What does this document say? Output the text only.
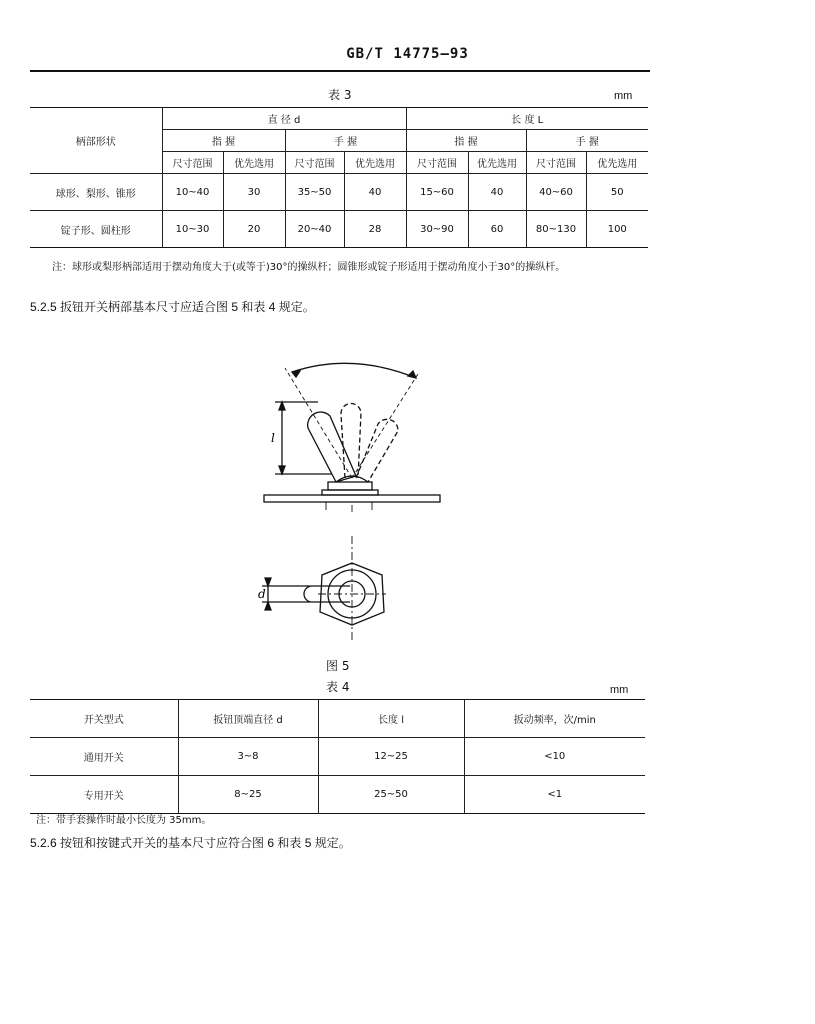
GB/T 14775—93
表 3	mm
柄部形状	直 径 d				长 度 L			
	指 握		手 握		指 握		手 握	
	尺寸范围	优先选用	尺寸范围	优先选用	尺寸范围	优先选用	尺寸范围	优先选用
球形、梨形、锥形	10~40	30	35~50	40	15~60	40	40~60	50
锭子形、圆柱形	10~30	20	20~40	28	30~90	60	80~130	100
注：球形或梨形柄部适用于摆动角度大于(或等于)30°的操纵杆；圆锥形或锭子形适用于摆动角度小于30°的操纵杆。
5.2.5 扳钮开关柄部基本尺寸应适合图 5 和表 4 规定。
l
d
图 5
表 4	mm
开关型式	扳钮顶端直径 d	长度 l	扳动频率，次/min
通用开关	3~8	12~25	<10
专用开关	8~25	25~50	<1
注：带手套操作时最小长度为 35mm。
5.2.6 按钮和按键式开关的基本尺寸应符合图 6 和表 5 规定。
